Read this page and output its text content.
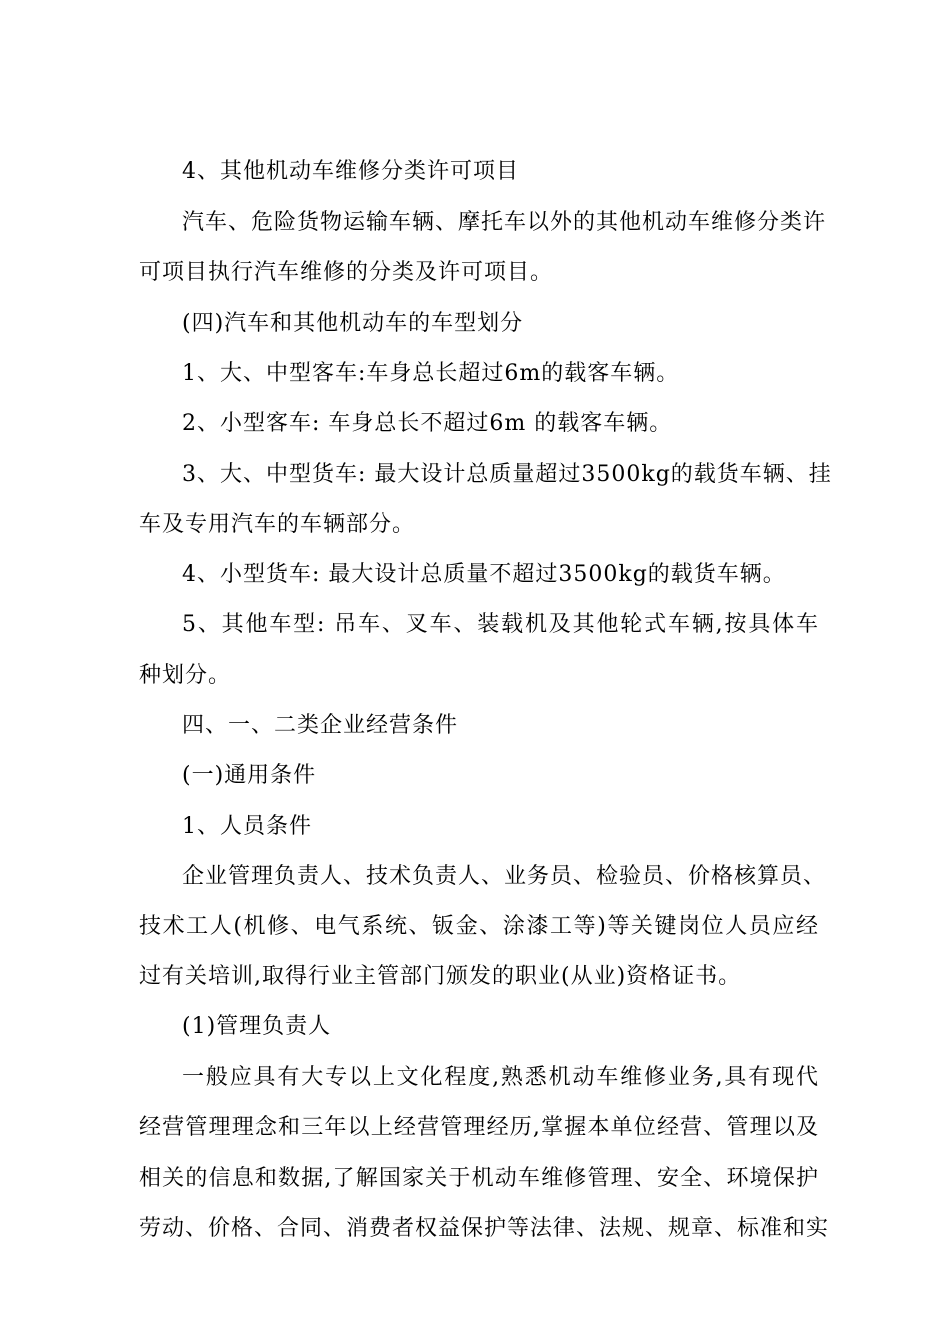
4、其他机动车维修分类许可项目
汽车、危险货物运输车辆、摩托车以外的其他机动车维修分类许
可项目执行汽车维修的分类及许可项目。
(四)汽车和其他机动车的车型划分
1、大、中型客车:车身总长超过6m的载客车辆。
2、小型客车: 车身总长不超过6m 的载客车辆。
3、大、中型货车: 最大设计总质量超过3500kg的载货车辆、挂
车及专用汽车的车辆部分。
4、小型货车: 最大设计总质量不超过3500kg的载货车辆。
5、其他车型: 吊车、叉车、装载机及其他轮式车辆,按具体车
种划分。
四、一、二类企业经营条件
(一)通用条件
1、人员条件
企业管理负责人、技术负责人、业务员、检验员、价格核算员、
技术工人(机修、电气系统、钣金、涂漆工等)等关键岗位人员应经
过有关培训,取得行业主管部门颁发的职业(从业)资格证书。
(1)管理负责人
一般应具有大专以上文化程度,熟悉机动车维修业务,具有现代
经营管理理念和三年以上经营管理经历,掌握本单位经营、管理以及
相关的信息和数据,了解国家关于机动车维修管理、安全、环境保护
劳动、价格、合同、消费者权益保护等法律、法规、规章、标准和实
